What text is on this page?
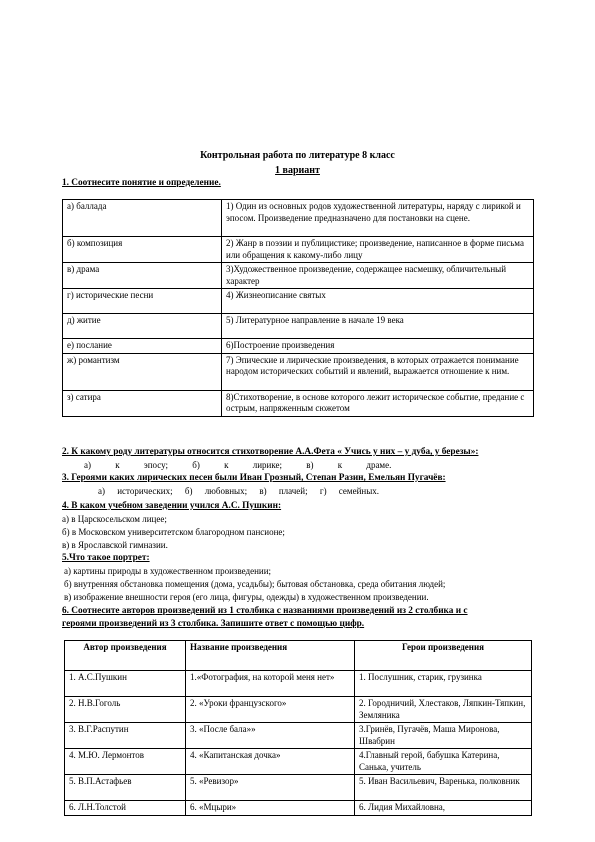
Контрольная работа по литературе 8 класс
1 вариант
1. Соотнесите понятие и определение.
а) баллада	1) Один из основных родов художественной литературы, наряду с лирикой и эпосом. Произведение предназначено для постановки на сцене.
б) композиция	2) Жанр в поэзии и публицистике; произведение, написанное в форме письма или обращения к какому-либо лицу
в) драма	3)Художественное произведение, содержащее насмешку, обличительный характер
г) исторические песни	4) Жизнеописание святых
д) житие	5) Литературное направление в начале 19 века
е) послание	6)Построение произведения
ж) романтизм	7) Эпические и лирические произведения, в которых отражается понимание народом исторических событий и явлений, выражается отношение к ним.
з) сатира	8)Стихотворение, в основе которого лежит историческое событие, предание с острым, напряженным сюжетом
2. К какому роду литературы относится стихотворение А.А.Фета « Учись у них – у дуба, у березы»:
а) к эпосу; б) к лирике; в) к драме.
3. Героями каких лирических песен были Иван Грозный, Степан Разин, Емельян Пугачёв:
а) исторических; б) любовных; в) плачей; г) семейных.
4. В каком учебном заведении учился А.С. Пушкин:
а) в Царскосельском лицее;
б) в Московском университетском благородном пансионе;
в) в Ярославской гимназии.
5.Что такое портрет:
а) картины природы в художественном произведении;
б) внутренняя обстановка помещения (дома, усадьбы); бытовая обстановка, среда обитания людей;
в) изображение внешности героя (его лица, фигуры, одежды) в художественном произведении.
6. Соотнесите авторов произведений из 1 столбика с названиями произведений из 2 столбика и с
героями произведений из 3 столбика. Запишите ответ с помощью цифр.
Автор произведения	Название произведения	Герои произведения
1. А.С.Пушкин	1.«Фотография, на которой меня нет»	1. Послушник, старик, грузинка
2. Н.В.Гоголь	2. «Уроки французского»	2. Городничий, Хлестаков, Ляпкин-Тяпкин, Земляника
3. В.Г.Распутин	3. «После бала»»	3.Гринёв, Пугачёв, Маша Миронова, Швабрин
4. М.Ю. Лермонтов	4. «Капитанская дочка»	4.Главный герой, бабушка Катерина, Санька, учитель
5. В.П.Астафьев	5. «Ревизор»	5. Иван Васильевич, Варенька, полковник
6. Л.Н.Толстой	6. «Мцыри»	6. Лидия Михайловна,
